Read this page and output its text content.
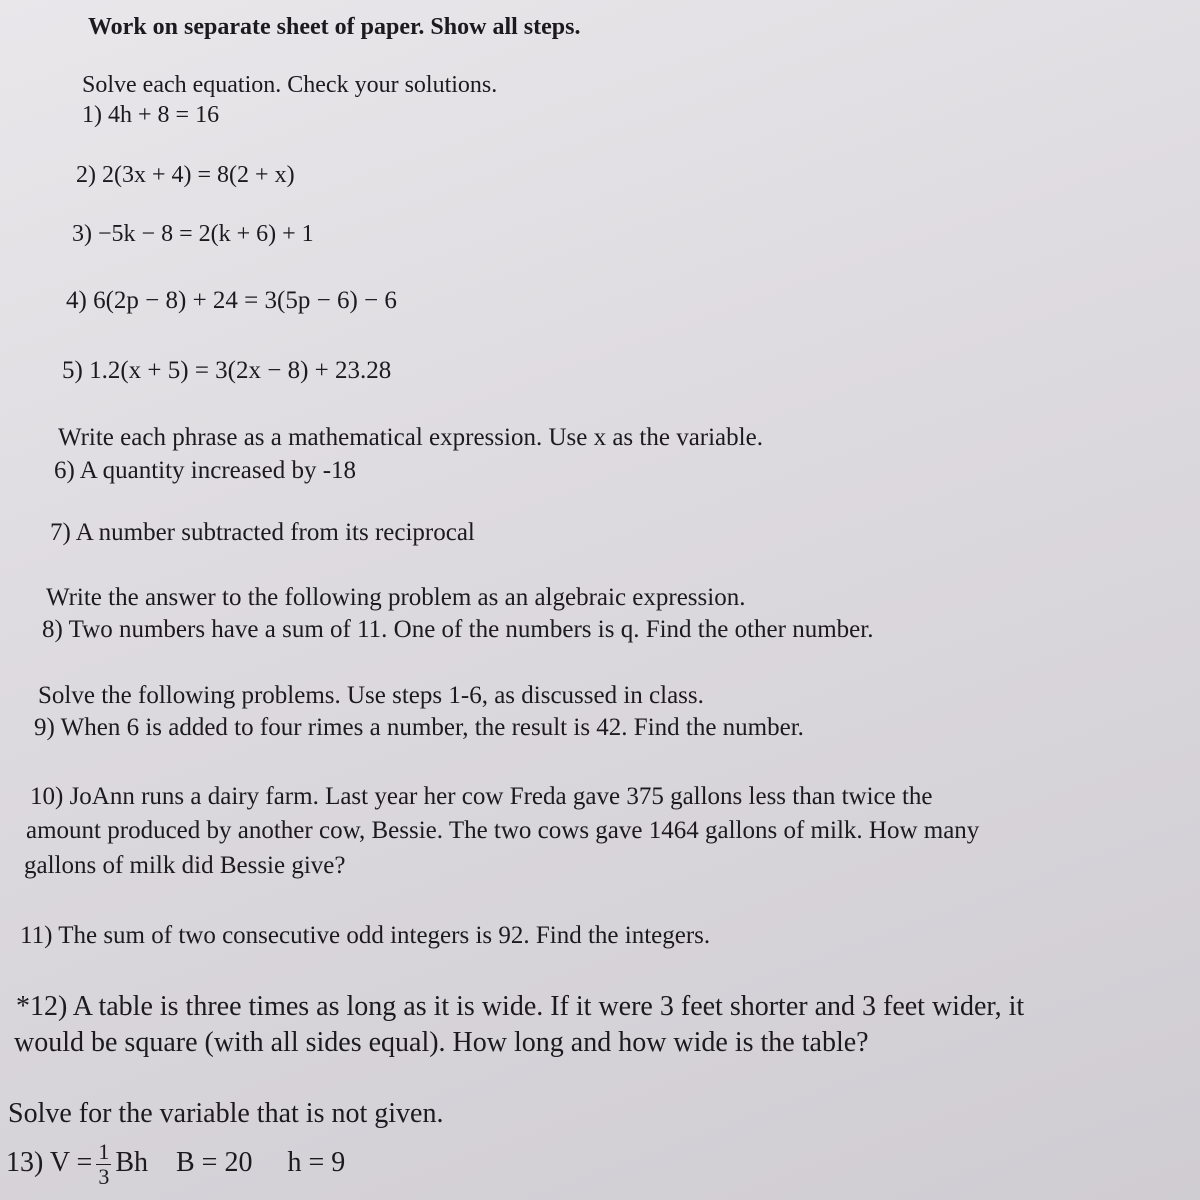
Work on separate sheet of paper. Show all steps.
Solve each equation. Check your solutions.
1) 4h + 8 = 16
2) 2(3x + 4) = 8(2 + x)
3) −5k − 8 = 2(k + 6) + 1
4) 6(2p − 8) + 24 = 3(5p − 6) − 6
5) 1.2(x + 5) = 3(2x − 8) + 23.28
Write each phrase as a mathematical expression. Use x as the variable.
6) A quantity increased by -18
7) A number subtracted from its reciprocal
Write the answer to the following problem as an algebraic expression.
8) Two numbers have a sum of 11. One of the numbers is q. Find the other number.
Solve the following problems. Use steps 1-6, as discussed in class.
9) When 6 is added to four rimes a number, the result is 42. Find the number.
10) JoAnn runs a dairy farm. Last year her cow Freda gave 375 gallons less than twice the
amount produced by another cow, Bessie. The two cows gave 1464 gallons of milk. How many
gallons of milk did Bessie give?
11) The sum of two consecutive odd integers is 92. Find the integers.
*12) A table is three times as long as it is wide. If it were 3 feet shorter and 3 feet wider, it
would be square (with all sides equal). How long and how wide is the table?
Solve for the variable that is not given.
13) $V = \frac{1}{3}$ Bh    B = 20     h = 9
